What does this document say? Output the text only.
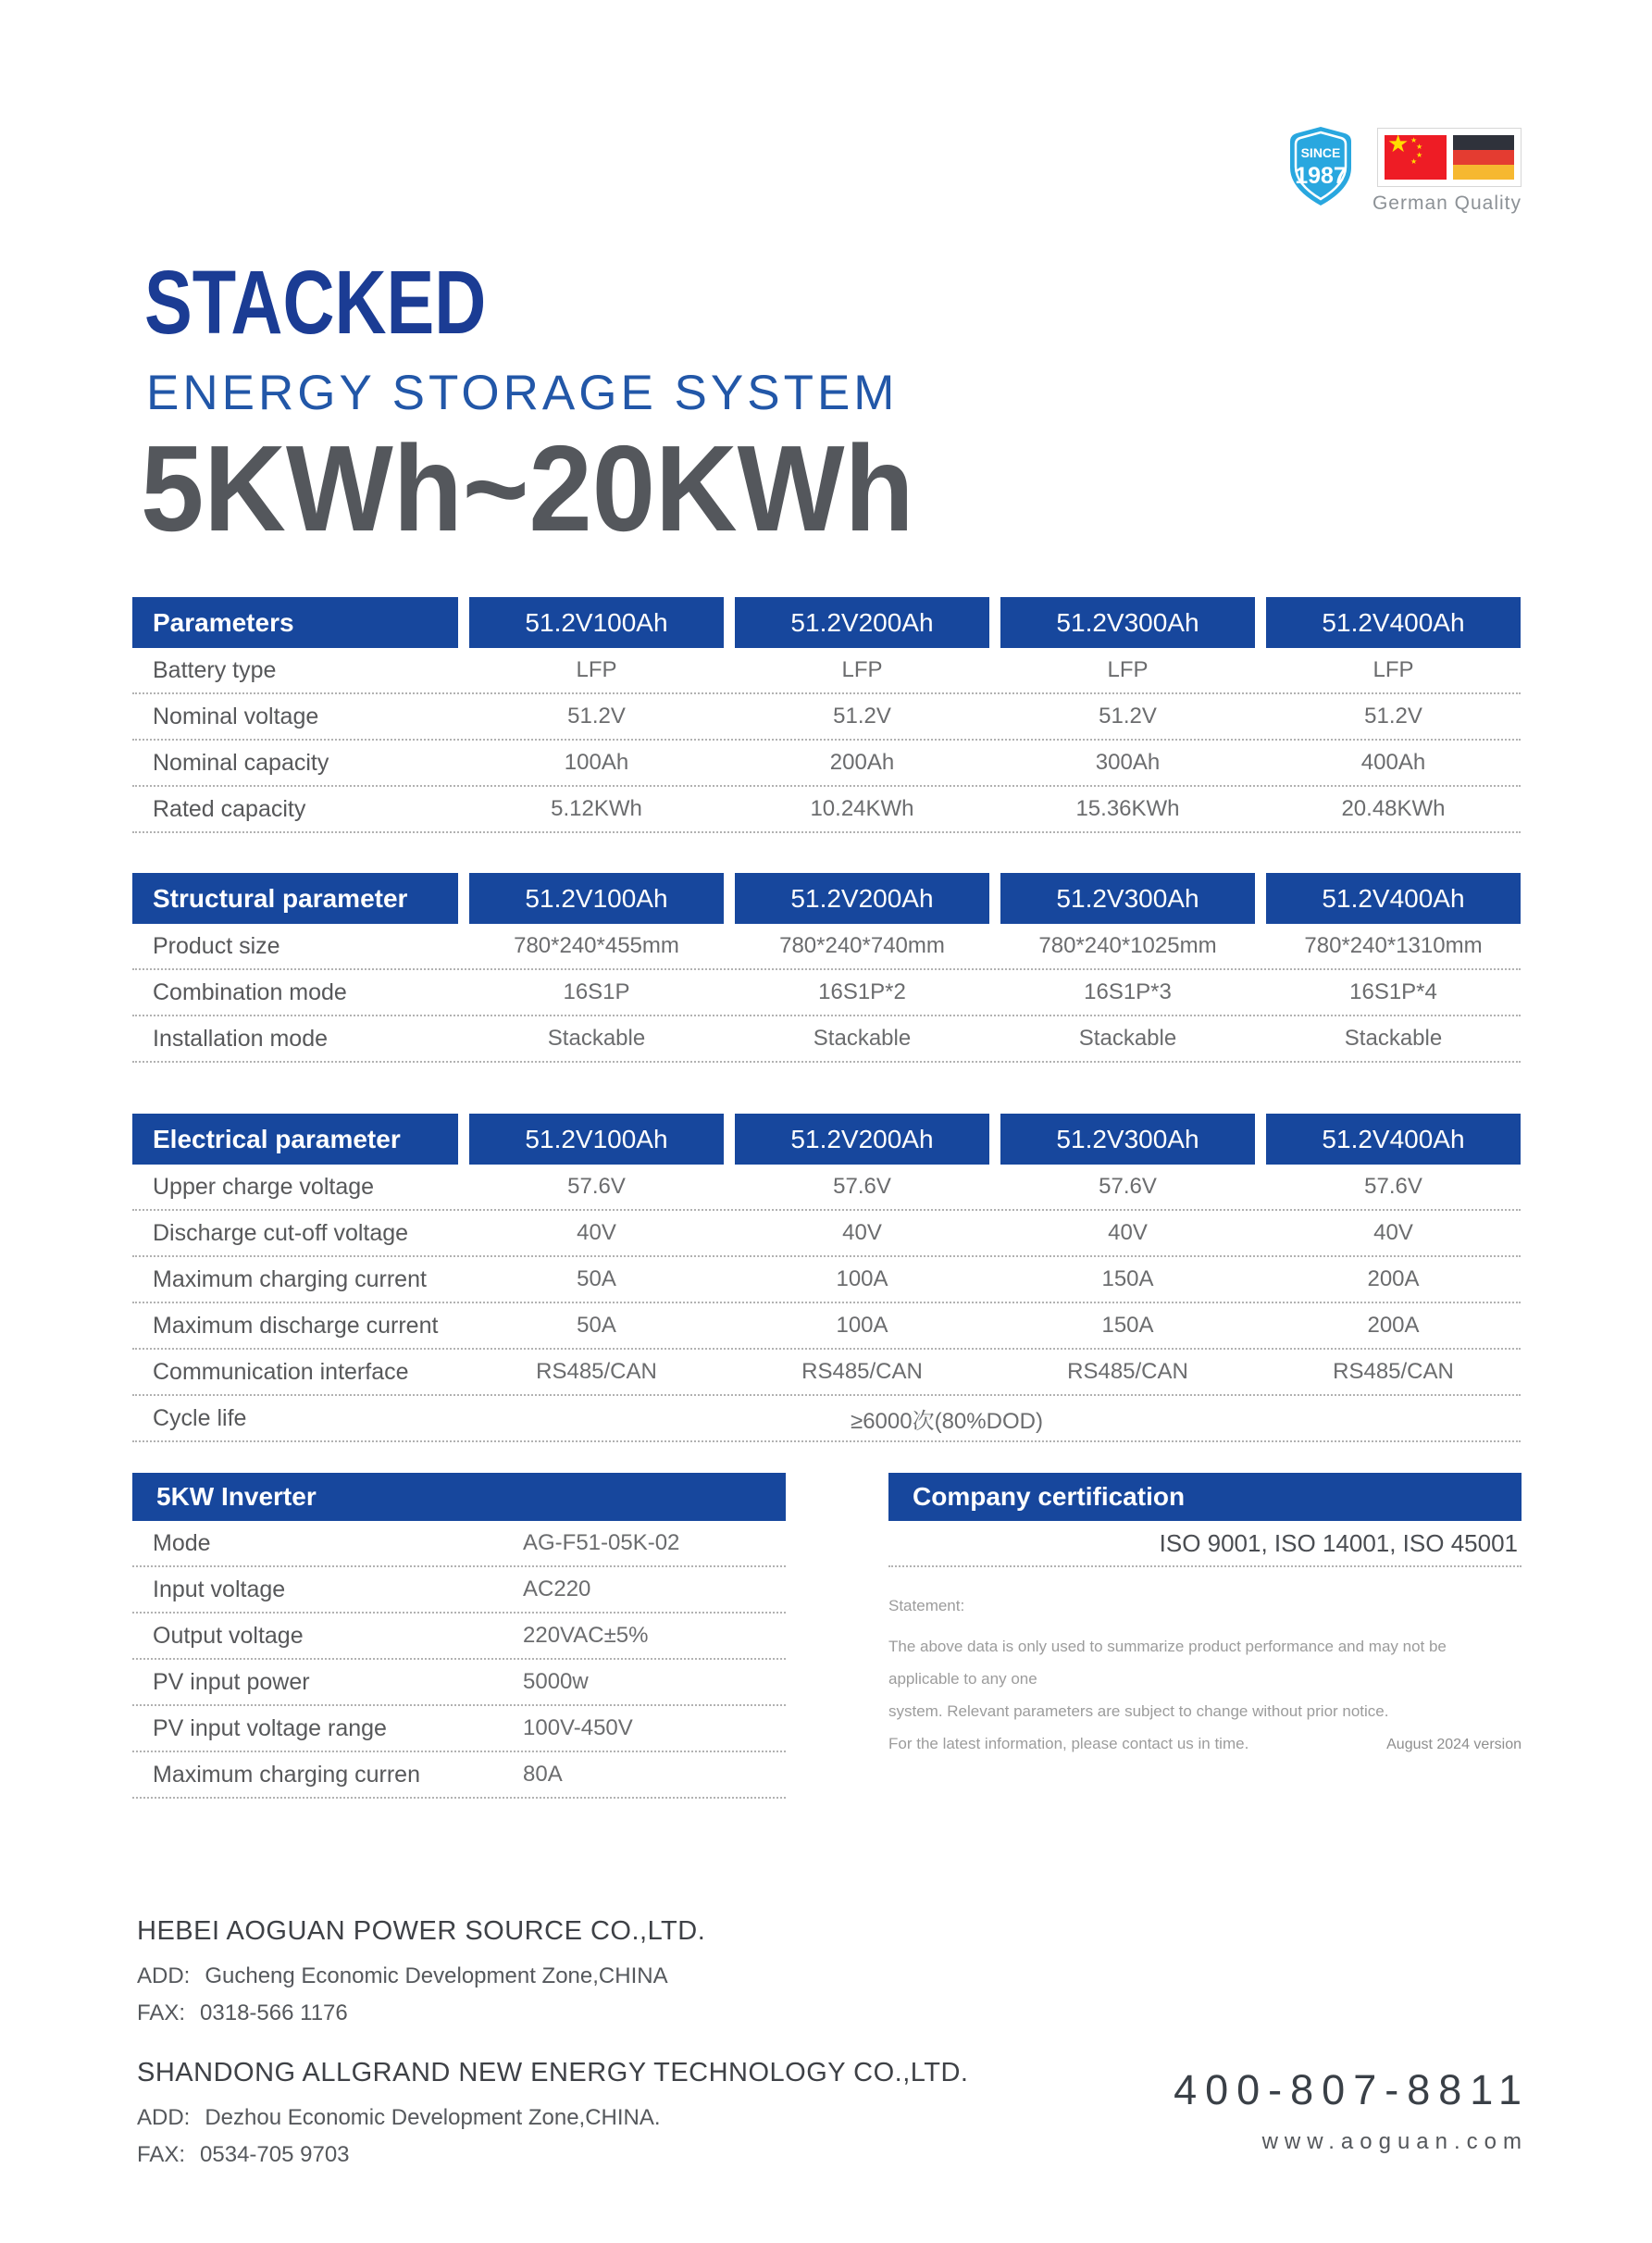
SINCE
1987
★ ★
★
★
★
German Quality
STACKED
ENERGY STORAGE SYSTEM
5KWh~20KWh
Parameters	51.2V100Ah	51.2V200Ah	51.2V300Ah	51.2V400Ah
Battery type	LFP	LFP	LFP	LFP
Nominal voltage	51.2V	51.2V	51.2V	51.2V
Nominal capacity	100Ah	200Ah	300Ah	400Ah
Rated capacity	5.12KWh	10.24KWh	15.36KWh	20.48KWh
Structural parameter	51.2V100Ah	51.2V200Ah	51.2V300Ah	51.2V400Ah
Product size	780*240*455mm	780*240*740mm	780*240*1025mm	780*240*1310mm
Combination mode	16S1P	16S1P*2	16S1P*3	16S1P*4
Installation mode	Stackable	Stackable	Stackable	Stackable
Electrical parameter	51.2V100Ah	51.2V200Ah	51.2V300Ah	51.2V400Ah
Upper charge voltage	57.6V	57.6V	57.6V	57.6V
Discharge cut-off voltage	40V	40V	40V	40V
Maximum charging current	50A	100A	150A	200A
Maximum discharge current	50A	100A	150A	200A
Communication interface	RS485/CAN	RS485/CAN	RS485/CAN	RS485/CAN
Cycle life	≥6000次(80%DOD)
5KW Inverter
Mode	AG-F51-05K-02
Input voltage	AC220
Output voltage	220VAC±5%
PV input power	5000w
PV input voltage range	100V-450V
Maximum charging curren	80A
Company certification
ISO 9001, ISO 14001, ISO 45001
Statement:
The above data is only used to summarize product performance and may not be applicable to any one
system. Relevant parameters are subject to change without prior notice.
For the latest information, please contact us in time.	August 2024 version
HEBEI AOGUAN POWER SOURCE CO.,LTD.
ADD: Gucheng Economic Development Zone,CHINA
FAX: 0318-566 1176
SHANDONG ALLGRAND NEW ENERGY TECHNOLOGY CO.,LTD.
ADD: Dezhou Economic Development Zone,CHINA.
FAX: 0534-705 9703
400-807-8811
www.aoguan.com
